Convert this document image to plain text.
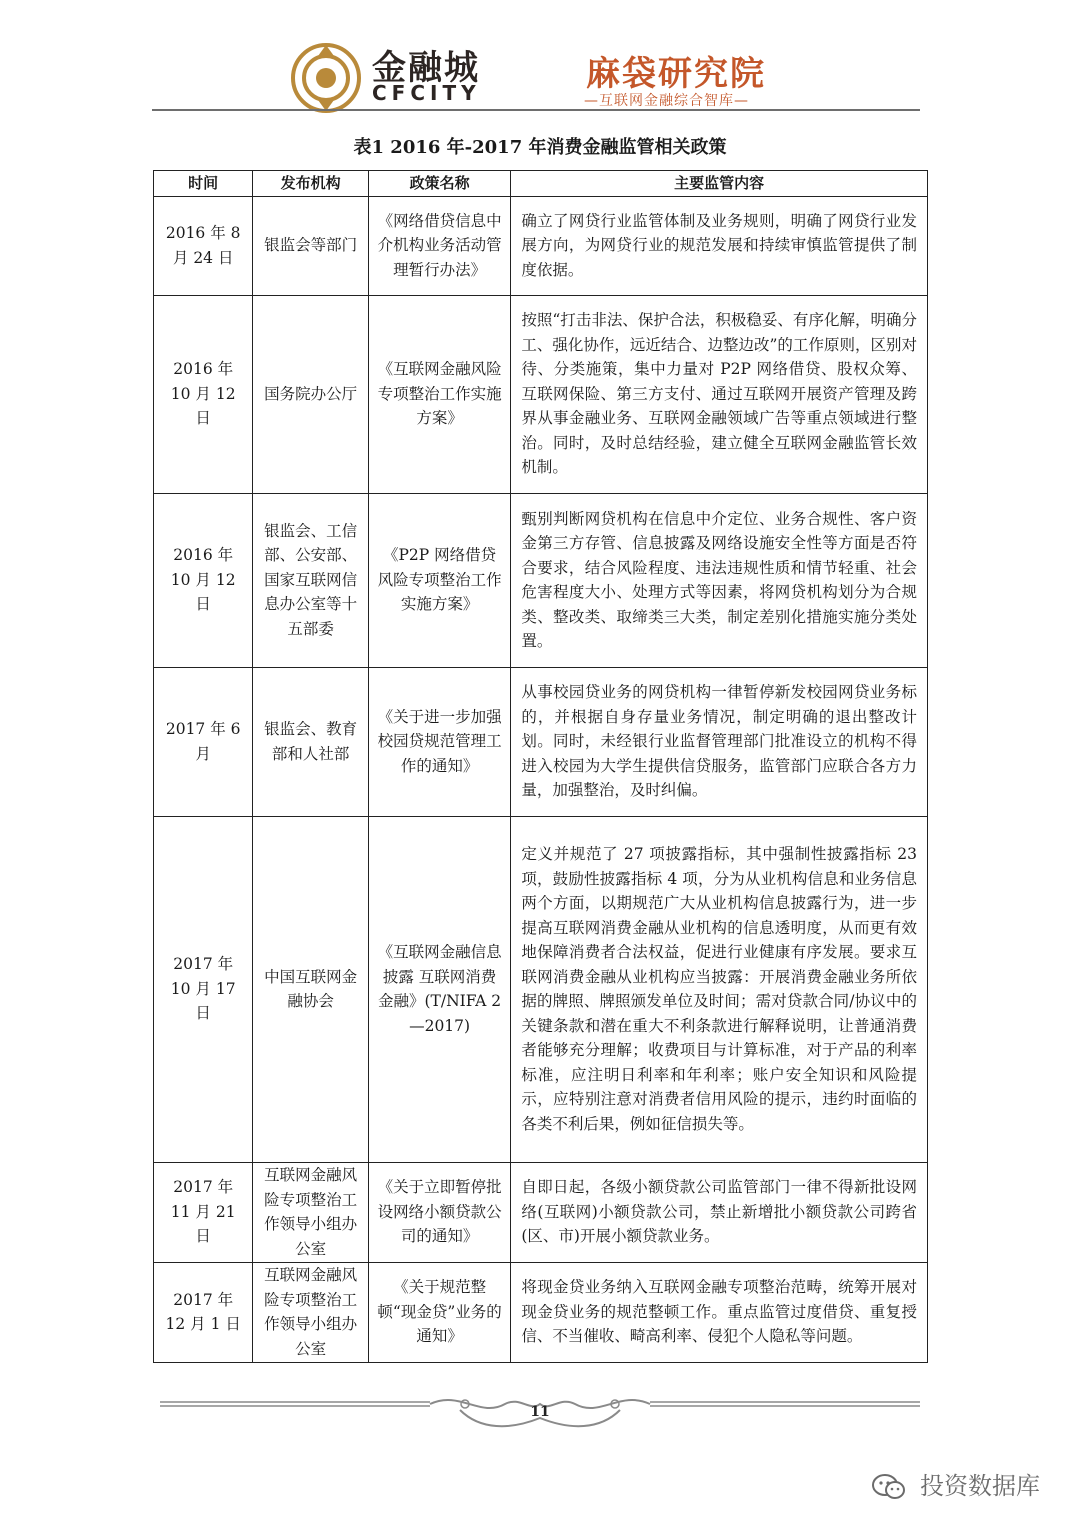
金融城
CFCITY	麻袋研究院
—互联网金融综合智库—
表1 2016 年-2017 年消费金融监管相关政策
时间	发布机构	政策名称	主要监管内容
2016 年 8 月 24 日	银监会等部门	《网络借贷信息中介机构业务活动管理暂行办法》	确立了网贷行业监管体制及业务规则，明确了网贷行业发展方向，为网贷行业的规范发展和持续审慎监管提供了制度依据。
2016 年 10 月 12 日	国务院办公厅	《互联网金融风险专项整治工作实施方案》	按照“打击非法、保护合法，积极稳妥、有序化解，明确分工、强化协作，远近结合、边整边改”的工作原则，区别对待、分类施策，集中力量对 P2P 网络借贷、股权众筹、互联网保险、第三方支付、通过互联网开展资产管理及跨界从事金融业务、互联网金融领域广告等重点领域进行整治。同时，及时总结经验，建立健全互联网金融监管长效机制。
2016 年 10 月 12 日	银监会、工信部、公安部、国家互联网信息办公室等十五部委	《P2P 网络借贷风险专项整治工作实施方案》	甄别判断网贷机构在信息中介定位、业务合规性、客户资金第三方存管、信息披露及网络设施安全性等方面是否符合要求，结合风险程度、违法违规性质和情节轻重、社会危害程度大小、处理方式等因素，将网贷机构划分为合规类、整改类、取缔类三大类，制定差别化措施实施分类处置。
2017 年 6 月	银监会、教育部和人社部	《关于进一步加强校园贷规范管理工作的通知》	从事校园贷业务的网贷机构一律暂停新发校园网贷业务标的，并根据自身存量业务情况，制定明确的退出整改计划。同时，未经银行业监督管理部门批准设立的机构不得进入校园为大学生提供信贷服务，监管部门应联合各方力量，加强整治，及时纠偏。
2017 年 10 月 17 日	中国互联网金融协会	《互联网金融信息披露 互联网消费金融》(T/NIFA 2—2017)	定义并规范了 27 项披露指标，其中强制性披露指标 23 项，鼓励性披露指标 4 项，分为从业机构信息和业务信息两个方面，以期规范广大从业机构信息披露行为，进一步提高互联网消费金融从业机构的信息透明度，从而更有效地保障消费者合法权益，促进行业健康有序发展。要求互联网消费金融从业机构应当披露：开展消费金融业务所依据的牌照、牌照颁发单位及时间；需对贷款合同/协议中的关键条款和潜在重大不利条款进行解释说明，让普通消费者能够充分理解；收费项目与计算标准，对于产品的利率标准，应注明日利率和年利率；账户安全知识和风险提示，应特别注意对消费者信用风险的提示，违约时面临的各类不利后果，例如征信损失等。
2017 年 11 月 21 日	互联网金融风险专项整治工作领导小组办公室	《关于立即暂停批设网络小额贷款公司的通知》	自即日起，各级小额贷款公司监管部门一律不得新批设网络(互联网)小额贷款公司，禁止新增批小额贷款公司跨省(区、市)开展小额贷款业务。
2017 年 12 月 1 日	互联网金融风险专项整治工作领导小组办公室	《关于规范整顿“现金贷”业务的通知》	将现金贷业务纳入互联网金融专项整治范畴，统筹开展对现金贷业务的规范整顿工作。重点监管过度借贷、重复授信、不当催收、畸高利率、侵犯个人隐私等问题。
11
投资数据库
